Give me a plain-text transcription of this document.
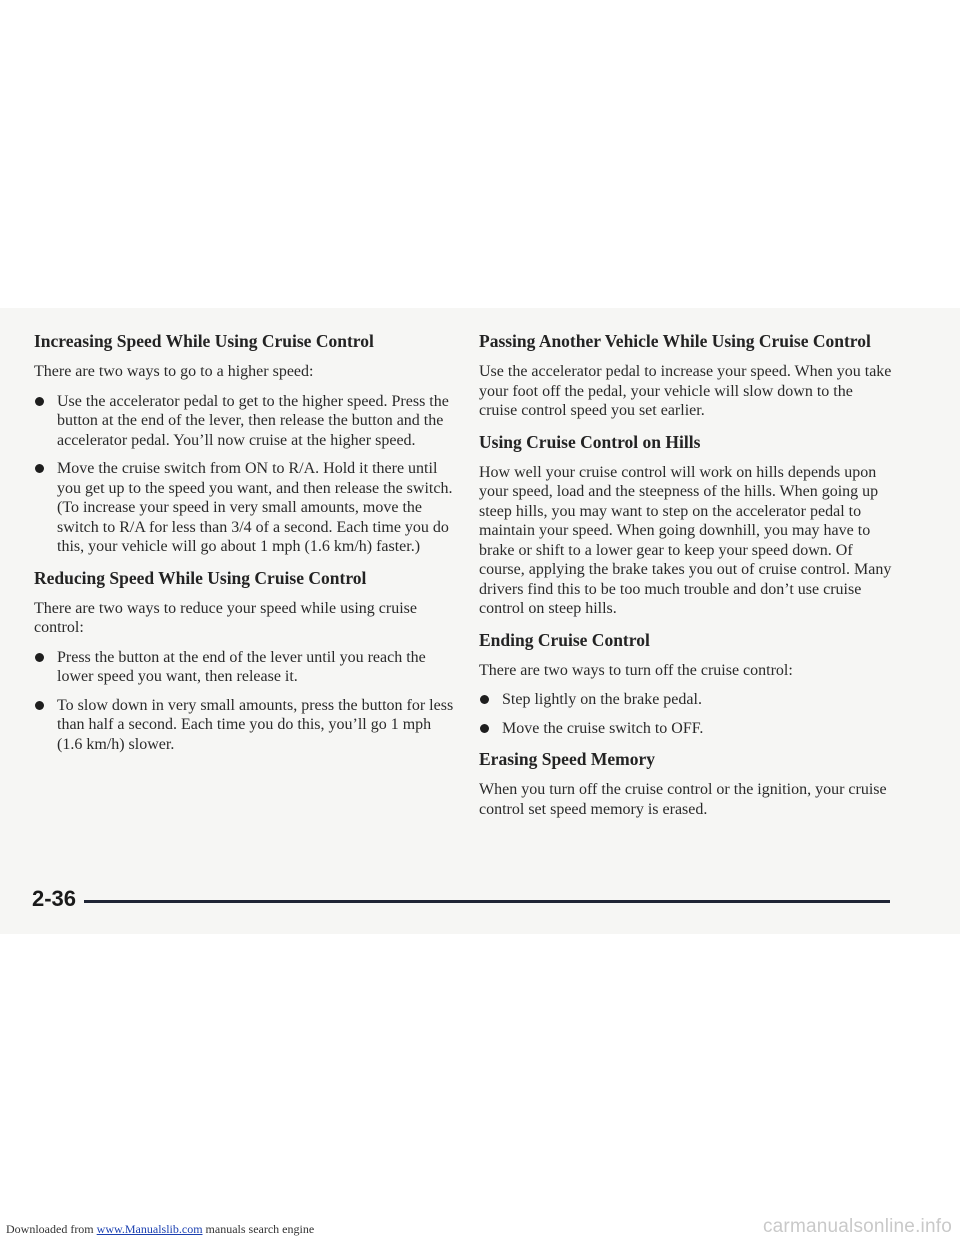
Increasing Speed While Using Cruise Control

There are two ways to go to a higher speed:

Use the accelerator pedal to get to the higher speed. Press the button at the end of the lever, then release the button and the accelerator pedal. You’ll now cruise at the higher speed.
Move the cruise switch from ON to R/A. Hold it there until you get up to the speed you want, and then release the switch. (To increase your speed in very small amounts, move the switch to R/A for less than 3/4 of a second. Each time you do this, your vehicle will go about 1 mph (1.6 km/h) faster.)
Reducing Speed While Using Cruise Control

There are two ways to reduce your speed while using cruise control:

Press the button at the end of the lever until you reach the lower speed you want, then release it.
To slow down in very small amounts, press the button for less than half a second. Each time you do this, you’ll go 1 mph (1.6 km/h) slower.
Passing Another Vehicle While Using Cruise Control

Use the accelerator pedal to increase your speed. When you take your foot off the pedal, your vehicle will slow down to the cruise control speed you set earlier.

Using Cruise Control on Hills

How well your cruise control will work on hills depends upon your speed, load and the steepness of the hills. When going up steep hills, you may want to step on the accelerator pedal to maintain your speed. When going downhill, you may have to brake or shift to a lower gear to keep your speed down. Of course, applying the brake takes you out of cruise control. Many drivers find this to be too much trouble and don’t use cruise control on steep hills.

Ending Cruise Control

There are two ways to turn off the cruise control:

Step lightly on the brake pedal.
Move the cruise switch to OFF.
Erasing Speed Memory

When you turn off the cruise control or the ignition, your cruise control set speed memory is erased.

2-36
Downloaded from www.Manualslib.com manuals search engine	carmanualsonline.info
